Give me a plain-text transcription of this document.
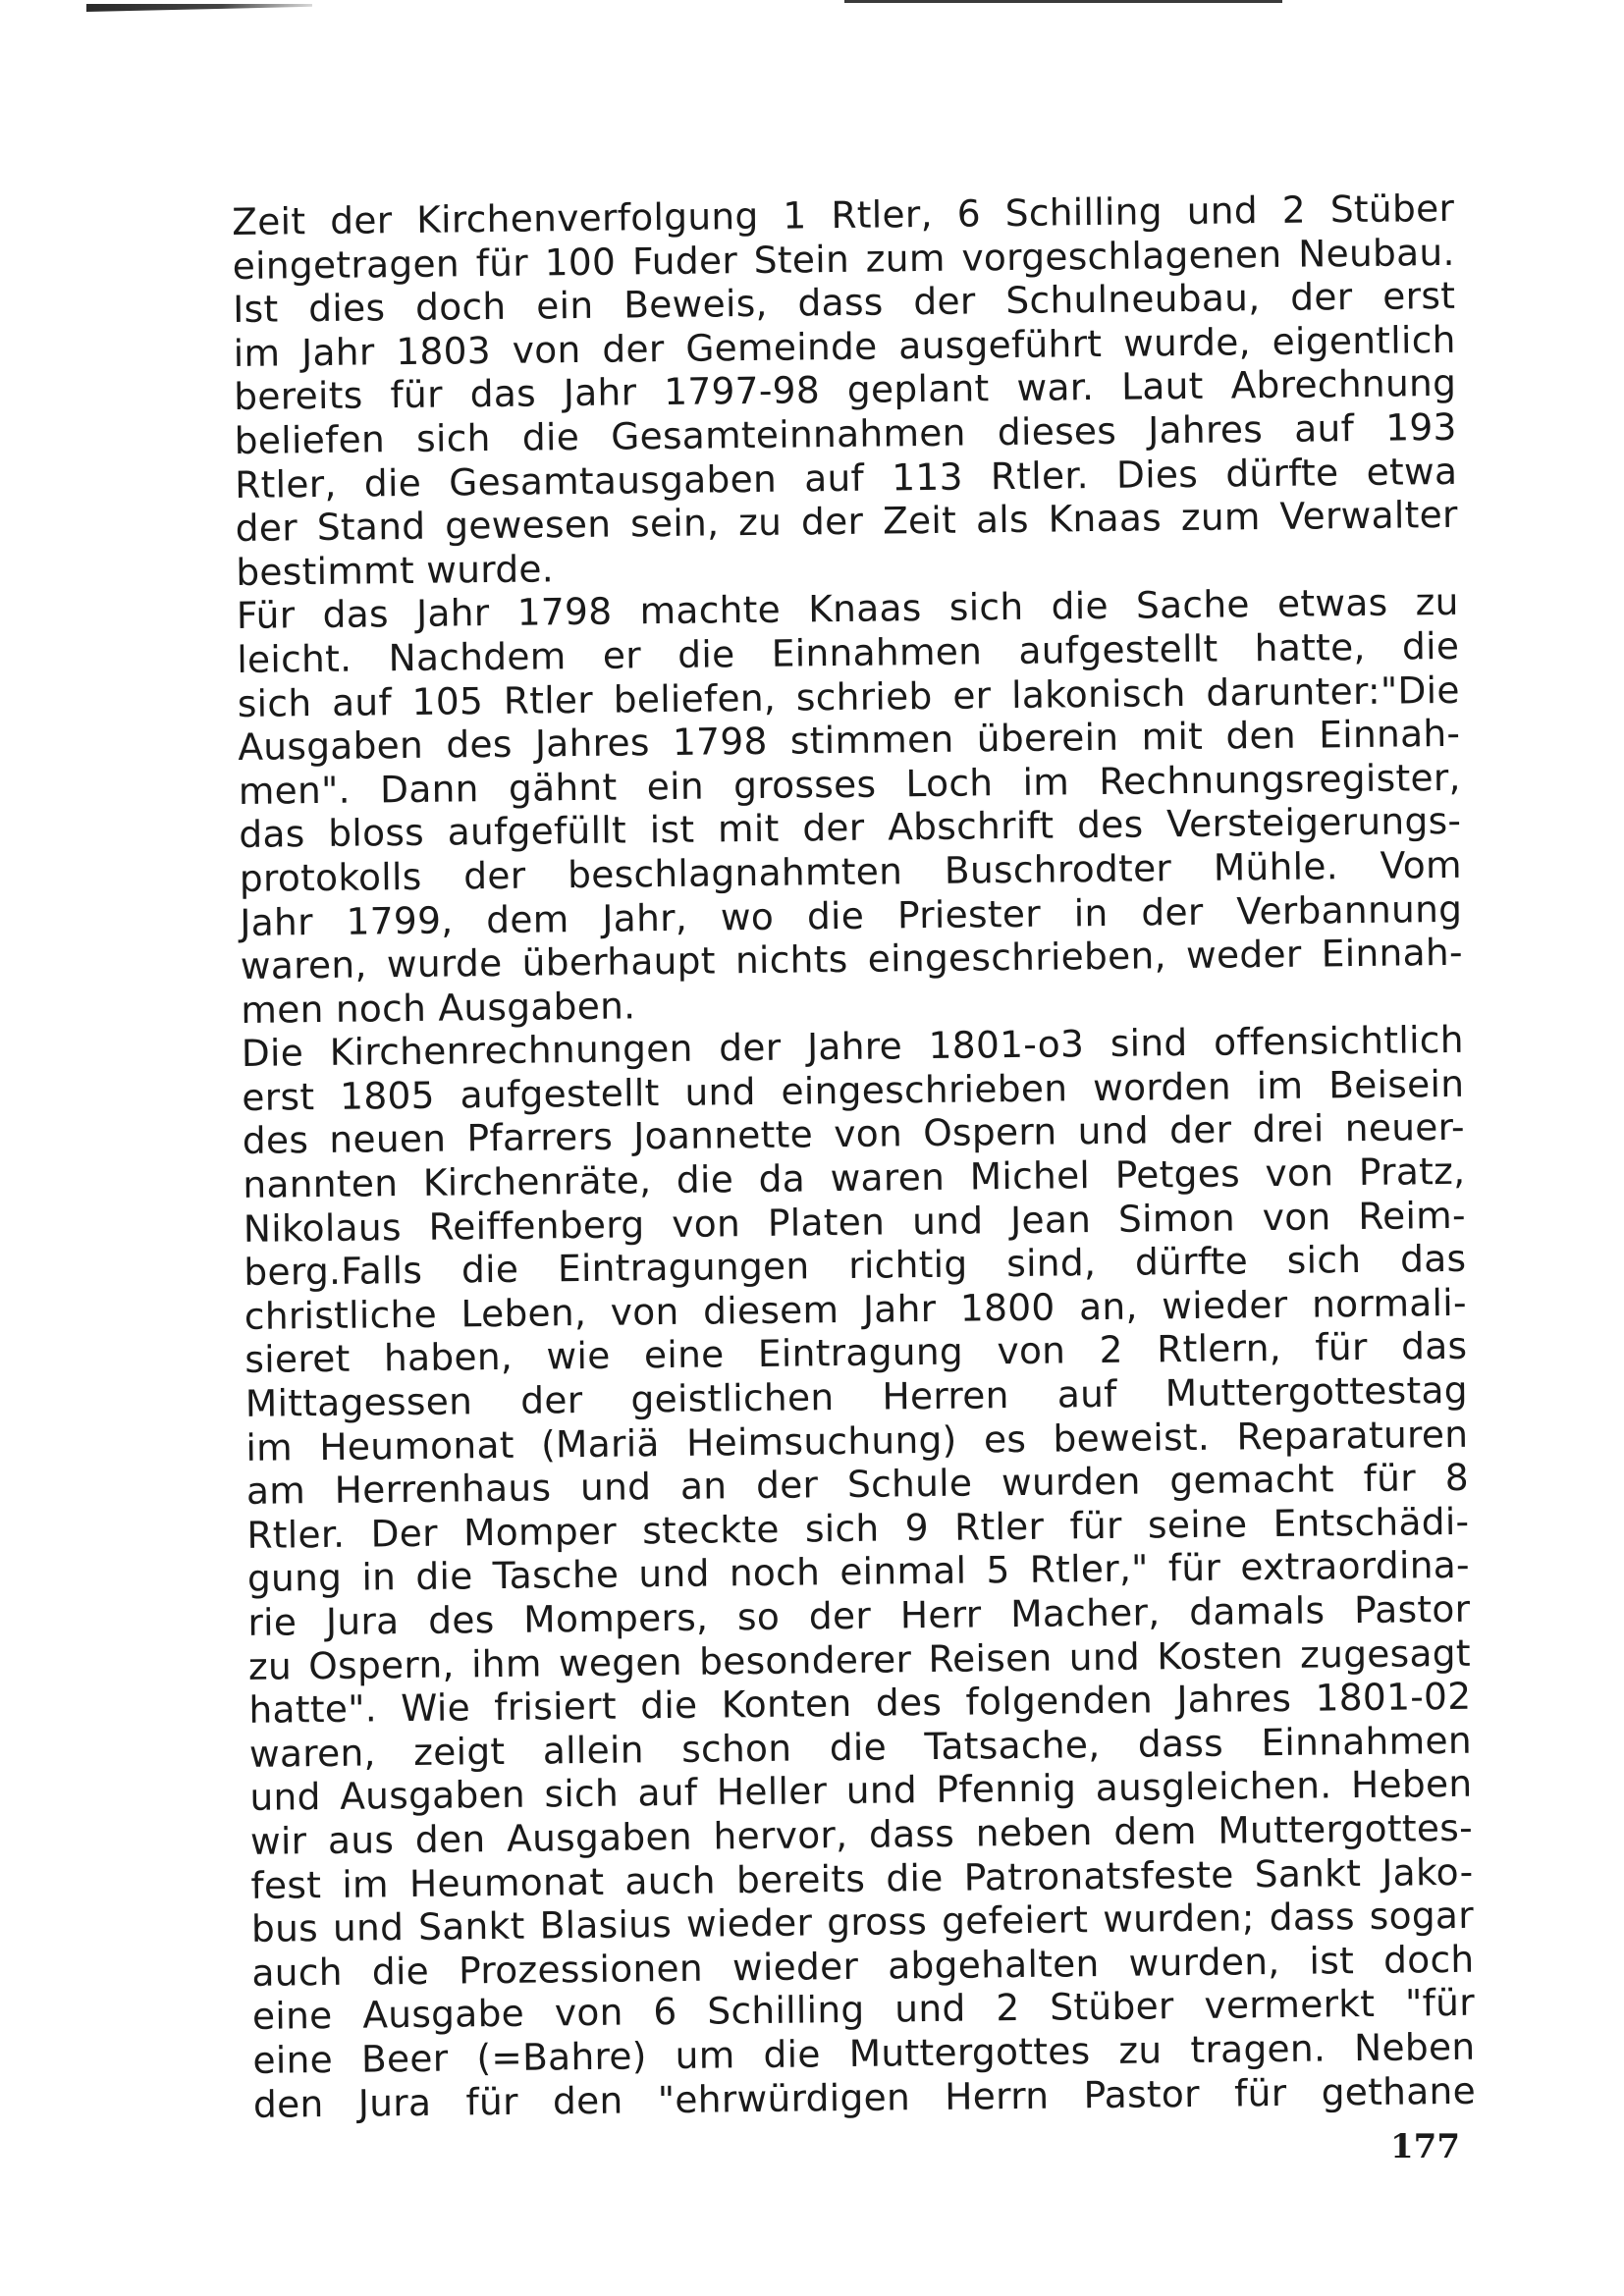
Zeit der Kirchenverfolgung 1 Rtler, 6 Schilling und 2 Stüber
eingetragen für 100 Fuder Stein zum vorgeschlagenen Neubau.
Ist dies doch ein Beweis, dass der Schulneubau, der erst
im Jahr 1803 von der Gemeinde ausgeführt wurde, eigentlich
bereits für das Jahr 1797-98 geplant war. Laut Abrechnung
beliefen sich die Gesamteinnahmen dieses Jahres auf 193
Rtler, die Gesamtausgaben auf 113 Rtler. Dies dürfte etwa
der Stand gewesen sein, zu der Zeit als Knaas zum Verwalter
bestimmt wurde.
Für das Jahr 1798 machte Knaas sich die Sache etwas zu
leicht. Nachdem er die Einnahmen aufgestellt hatte, die
sich auf 105 Rtler beliefen, schrieb er lakonisch darunter:"Die
Ausgaben des Jahres 1798 stimmen überein mit den Einnah-
men". Dann gähnt ein grosses Loch im Rechnungsregister,
das bloss aufgefüllt ist mit der Abschrift des Versteigerungs-
protokolls der beschlagnahmten Buschrodter Mühle. Vom
Jahr 1799, dem Jahr, wo die Priester in der Verbannung
waren, wurde überhaupt nichts eingeschrieben, weder Einnah-
men noch Ausgaben.
Die Kirchenrechnungen der Jahre 1801-o3 sind offensichtlich
erst 1805 aufgestellt und eingeschrieben worden im Beisein
des neuen Pfarrers Joannette von Ospern und der drei neuer-
nannten Kirchenräte, die da waren Michel Petges von Pratz,
Nikolaus Reiffenberg von Platen und Jean Simon von Reim-
berg.Falls die Eintragungen richtig sind, dürfte sich das
christliche Leben, von diesem Jahr 1800 an, wieder normali-
sieret haben, wie eine Eintragung von 2 Rtlern, für das
Mittagessen der geistlichen Herren auf Muttergottestag
im Heumonat (Mariä Heimsuchung) es beweist. Reparaturen
am Herrenhaus und an der Schule wurden gemacht für 8
Rtler. Der Momper steckte sich 9 Rtler für seine Entschädi-
gung in die Tasche und noch einmal 5 Rtler," für extraordina-
rie Jura des Mompers, so der Herr Macher, damals Pastor
zu Ospern, ihm wegen besonderer Reisen und Kosten zugesagt
hatte". Wie frisiert die Konten des folgenden Jahres 1801-02
waren, zeigt allein schon die Tatsache, dass Einnahmen
und Ausgaben sich auf Heller und Pfennig ausgleichen. Heben
wir aus den Ausgaben hervor, dass neben dem Muttergottes-
fest im Heumonat auch bereits die Patronatsfeste Sankt Jako-
bus und Sankt Blasius wieder gross gefeiert wurden; dass sogar
auch die Prozessionen wieder abgehalten wurden, ist doch
eine Ausgabe von 6 Schilling und 2 Stüber vermerkt "für
eine Beer (=Bahre) um die Muttergottes zu tragen. Neben
den Jura für den "ehrwürdigen Herrn Pastor für gethane
177
